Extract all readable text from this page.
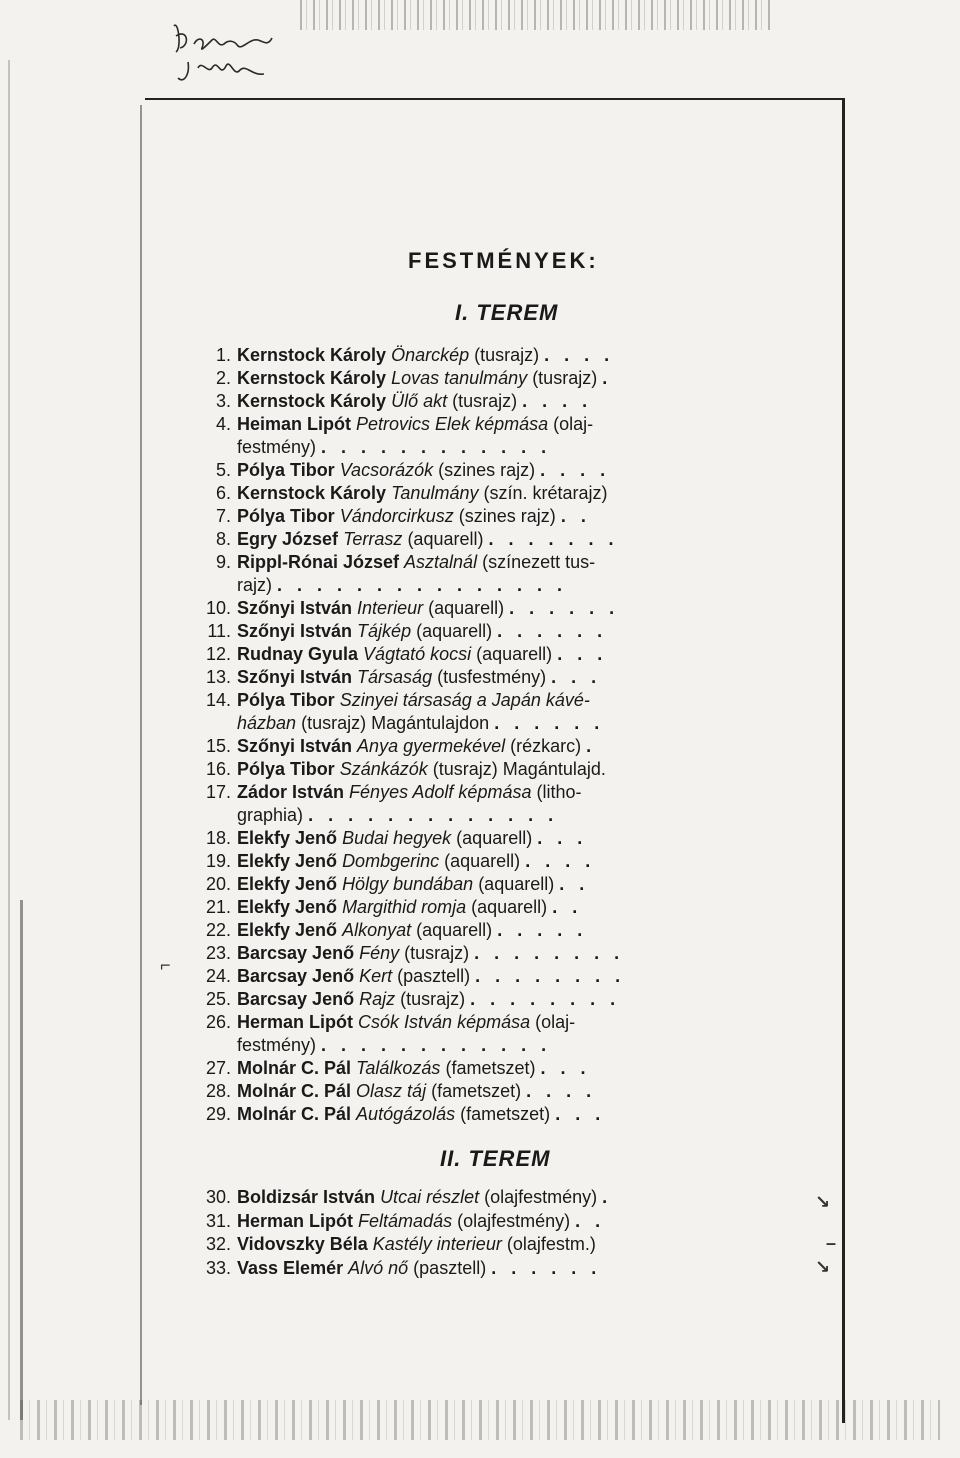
FESTMÉNYEK:
I. TEREM
1. Kernstock Károly Önarckép (tusrajz) . . . .
2. Kernstock Károly Lovas tanulmány (tusrajz) .
3. Kernstock Károly Ülő akt (tusrajz) . . . .
4. Heiman Lipót Petrovics Elek képmása (olaj-
festmény) . . . . . . . . . . . .
5. Pólya Tibor Vacsorázók (szines rajz) . . . .
6. Kernstock Károly Tanulmány (szín. krétarajz)
7. Pólya Tibor Vándorcirkusz (szines rajz) . .
8. Egry József Terrasz (aquarell) . . . . . . .
9. Rippl-Rónai József Asztalnál (színezett tus-
rajz) . . . . . . . . . . . . . . .
10. Szőnyi István Interieur (aquarell) . . . . . .
11. Szőnyi István Tájkép (aquarell) . . . . . .
12. Rudnay Gyula Vágtató kocsi (aquarell) . . .
13. Szőnyi István Társaság (tusfestmény) . . .
14. Pólya Tibor Szinyei társaság a Japán kávé-
házban (tusrajz) Magántulajdon . . . . . .
15. Szőnyi István Anya gyermekével (rézkarc) .
16. Pólya Tibor Szánkázók (tusrajz) Magántulajd.
17. Zádor István Fényes Adolf képmása (litho-
graphia) . . . . . . . . . . . . .
18. Elekfy Jenő Budai hegyek (aquarell) . . .
19. Elekfy Jenő Dombgerinc (aquarell) . . . .
20. Elekfy Jenő Hölgy bundában (aquarell) . .
21. Elekfy Jenő Margithid romja (aquarell) . .
22. Elekfy Jenő Alkonyat (aquarell) . . . . .
23. Barcsay Jenő Fény (tusrajz) . . . . . . . .
24. Barcsay Jenő Kert (pasztell) . . . . . . . .
25. Barcsay Jenő Rajz (tusrajz) . . . . . . . .
26. Herman Lipót Csók István képmása (olaj-
festmény) . . . . . . . . . . . .
27. Molnár C. Pál Találkozás (fametszet) . . .
28. Molnár C. Pál Olasz táj (fametszet) . . . .
29. Molnár C. Pál Autógázolás (fametszet) . . .
II. TEREM
30. Boldizsár István Utcai részlet (olajfestmény) .
31. Herman Lipót Feltámadás (olajfestmény) . .
32. Vidovszky Béla Kastély interieur (olajfestm.)
33. Vass Elemér Alvó nő (pasztell) . . . . . .
⌐
↘
–
↘
